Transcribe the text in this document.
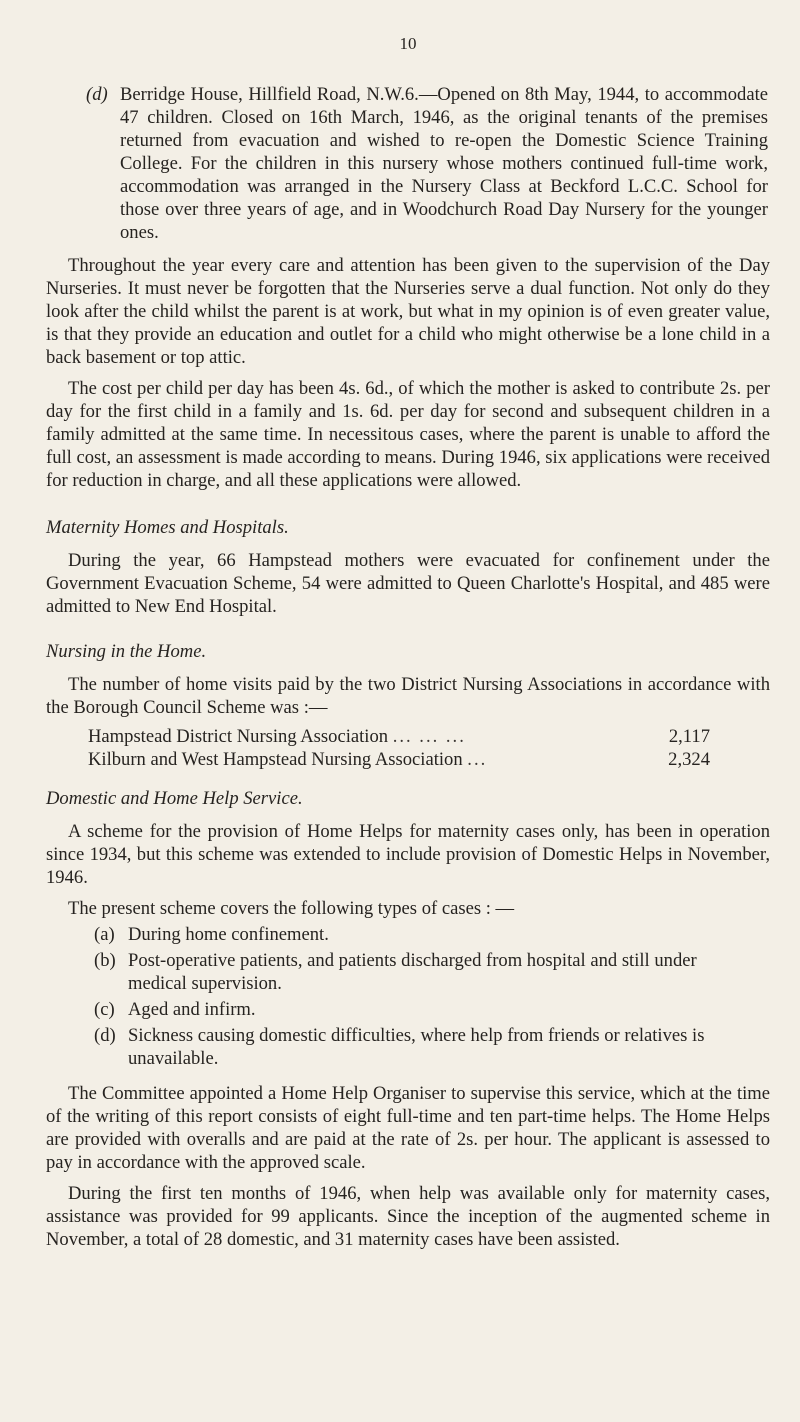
10
(d) Berridge House, Hillfield Road, N.W.6.—Opened on 8th May, 1944, to accommodate 47 children. Closed on 16th March, 1946, as the original tenants of the premises returned from evacuation and wished to re-open the Domestic Science Training College. For the children in this nursery whose mothers continued full-time work, accommodation was arranged in the Nursery Class at Beckford L.C.C. School for those over three years of age, and in Woodchurch Road Day Nursery for the younger ones.

Throughout the year every care and attention has been given to the supervision of the Day Nurseries. It must never be forgotten that the Nurseries serve a dual function. Not only do they look after the child whilst the parent is at work, but what in my opinion is of even greater value, is that they provide an education and outlet for a child who might otherwise be a lone child in a back basement or top attic.

The cost per child per day has been 4s. 6d., of which the mother is asked to contribute 2s. per day for the first child in a family and 1s. 6d. per day for second and subsequent children in a family admitted at the same time. In necessitous cases, where the parent is unable to afford the full cost, an assessment is made according to means. During 1946, six applications were received for reduction in charge, and all these applications were allowed.

Maternity Homes and Hospitals.

During the year, 66 Hampstead mothers were evacuated for confinement under the Government Evacuation Scheme, 54 were admitted to Queen Charlotte's Hospital, and 485 were admitted to New End Hospital.

Nursing in the Home.

The number of home visits paid by the two District Nursing Associations in accordance with the Borough Council Scheme was :—

Hampstead District Nursing Association ... ... ...	2,117
Kilburn and West Hampstead Nursing Association ...	2,324
Domestic and Home Help Service.

A scheme for the provision of Home Helps for maternity cases only, has been in operation since 1934, but this scheme was extended to include provision of Domestic Helps in November, 1946.

The present scheme covers the following types of cases : —

(a) During home confinement.
(b) Post-operative patients, and patients discharged from hospital and still under medical supervision.
(c) Aged and infirm.
(d) Sickness causing domestic difficulties, where help from friends or relatives is unavailable.

The Committee appointed a Home Help Organiser to supervise this service, which at the time of the writing of this report consists of eight full-time and ten part-time helps. The Home Helps are provided with overalls and are paid at the rate of 2s. per hour. The applicant is assessed to pay in accordance with the approved scale.

During the first ten months of 1946, when help was available only for maternity cases, assistance was provided for 99 applicants. Since the inception of the augmented scheme in November, a total of 28 domestic, and 31 maternity cases have been assisted.
